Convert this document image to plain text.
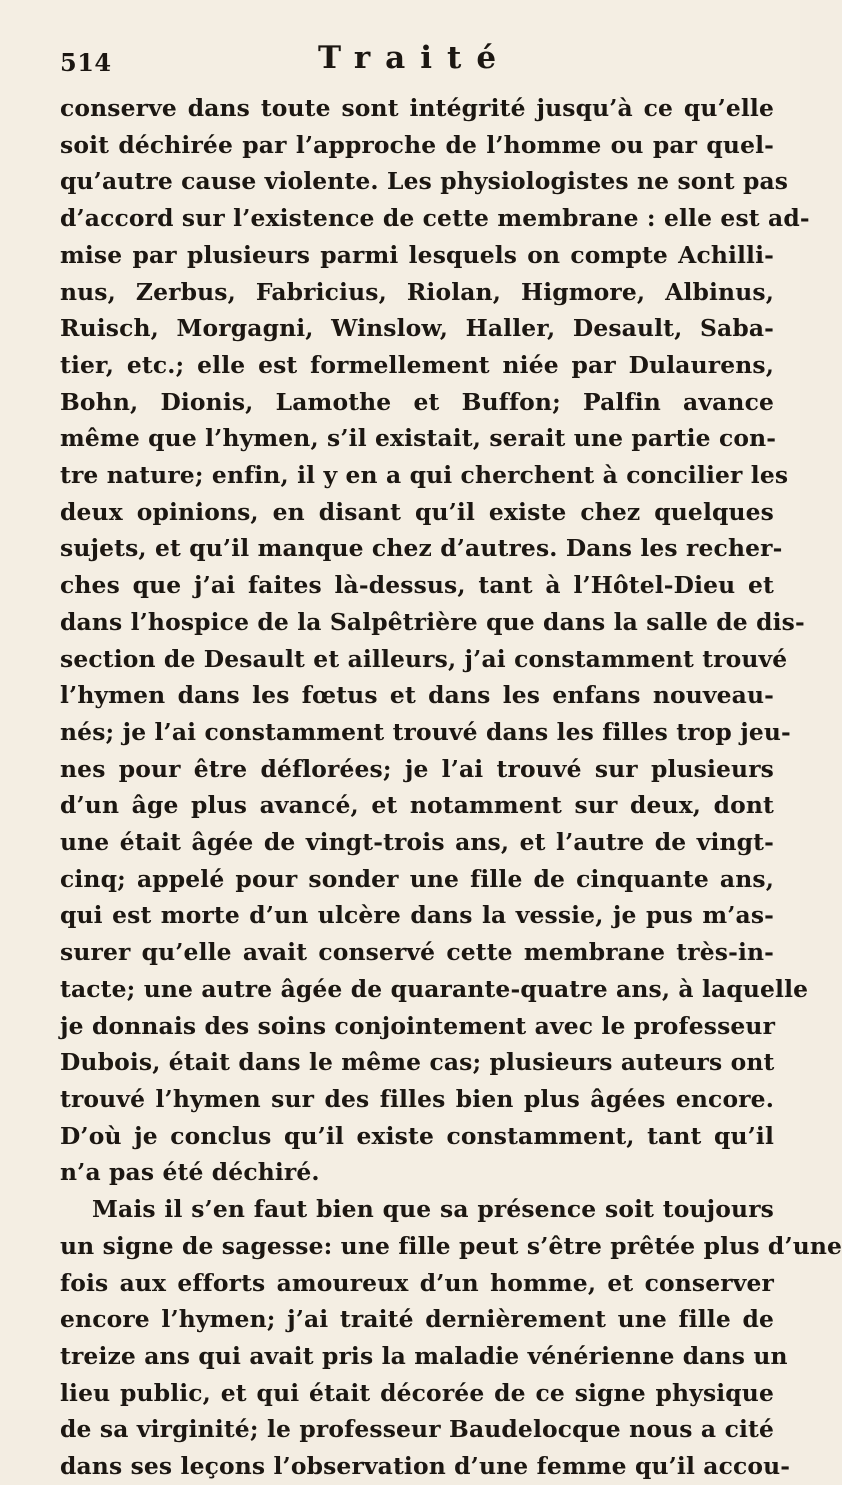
514	Traité
conserve dans toute sont intégrité jusqu’à ce qu’elle
soit déchirée par l’approche de l’homme ou par quel-
qu’autre cause violente. Les physiologistes ne sont pas
d’accord sur l’existence de cette membrane : elle est ad-
mise par plusieurs parmi lesquels on compte Achilli-
nus, Zerbus, Fabricius, Riolan, Higmore, Albinus,
Ruisch, Morgagni, Winslow, Haller, Desault, Saba-
tier, etc.; elle est formellement niée par Dulaurens,
Bohn, Dionis, Lamothe et Buffon; Palfin avance
même que l’hymen, s’il existait, serait une partie con-
tre nature; enfin, il y en a qui cherchent à concilier les
deux opinions, en disant qu’il existe chez quelques
sujets, et qu’il manque chez d’autres. Dans les recher-
ches que j’ai faites là-dessus, tant à l’Hôtel-Dieu et
dans l’hospice de la Salpêtrière que dans la salle de dis-
section de Desault et ailleurs, j’ai constamment trouvé
l’hymen dans les fœtus et dans les enfans nouveau-
nés; je l’ai constamment trouvé dans les filles trop jeu-
nes pour être déflorées; je l’ai trouvé sur plusieurs
d’un âge plus avancé, et notamment sur deux, dont
une était âgée de vingt-trois ans, et l’autre de vingt-
cinq; appelé pour sonder une fille de cinquante ans,
qui est morte d’un ulcère dans la vessie, je pus m’as-
surer qu’elle avait conservé cette membrane très-in-
tacte; une autre âgée de quarante-quatre ans, à laquelle
je donnais des soins conjointement avec le professeur
Dubois, était dans le même cas; plusieurs auteurs ont
trouvé l’hymen sur des filles bien plus âgées encore.
D’où je conclus qu’il existe constamment, tant qu’il
n’a pas été déchiré.
Mais il s’en faut bien que sa présence soit toujours
un signe de sagesse: une fille peut s’être prêtée plus d’une
fois aux efforts amoureux d’un homme, et conserver
encore l’hymen; j’ai traité dernièrement une fille de
treize ans qui avait pris la maladie vénérienne dans un
lieu public, et qui était décorée de ce signe physique
de sa virginité; le professeur Baudelocque nous a cité
dans ses leçons l’observation d’une femme qu’il accou-
